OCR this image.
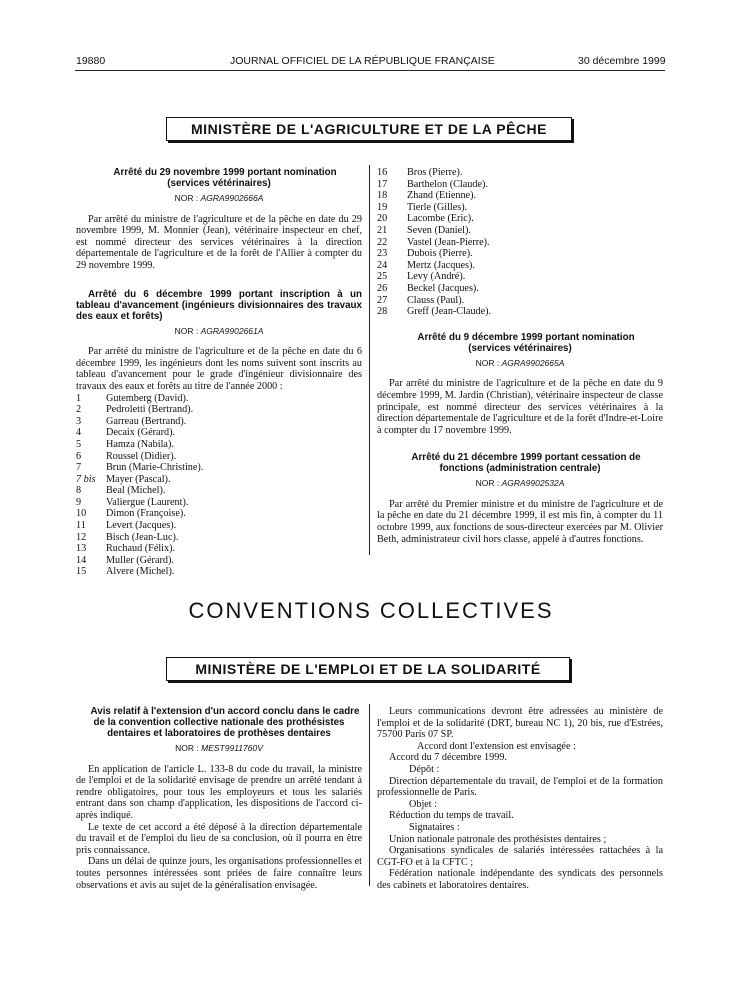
19880	JOURNAL OFFICIEL DE LA RÉPUBLIQUE FRANÇAISE	30 décembre 1999
MINISTÈRE DE L'AGRICULTURE ET DE LA PÊCHE

Arrêté du 29 novembre 1999 portant nomination (services vétérinaires)

NOR : AGRA9902666A

Par arrêté du ministre de l'agriculture et de la pêche en date du 29 novembre 1999, M. Monnier (Jean), vétérinaire inspecteur en chef, est nommé directeur des services vétérinaires à la direction départementale de l'agriculture et de la forêt de l'Allier à compter du 29 novembre 1999.

Arrêté du 6 décembre 1999 portant inscription à un tableau d'avancement (ingénieurs divisionnaires des travaux des eaux et forêts)

NOR : AGRA9902661A

Par arrêté du ministre de l'agriculture et de la pêche en date du 6 décembre 1999, les ingénieurs dont les noms suivent sont inscrits au tableau d'avancement pour le grade d'ingénieur divisionnaire des travaux des eaux et forêts au titre de l'année 2000 :

1	Gutemberg (David).
2	Pedroletti (Bertrand).
3	Garreau (Bertrand).
4	Decaix (Gérard).
5	Hamza (Nabila).
6	Roussel (Didier).
7	Brun (Marie-Christine).
7 bis	Mayer (Pascal).
8	Beal (Michel).
9	Valiergue (Laurent).
10	Dimon (Françoise).
11	Levert (Jacques).
12	Bisch (Jean-Luc).
13	Ruchaud (Félix).
14	Muller (Gérard).
15	Alvere (Michel).
16	Bros (Pierre).
17	Barthelon (Claude).
18	Zhand (Etienne).
19	Tierle (Gilles).
20	Lacombe (Eric).
21	Seven (Daniel).
22	Vastel (Jean-Pierre).
23	Dubois (Pierre).
24	Mertz (Jacques).
25	Levy (André).
26	Beckel (Jacques).
27	Clauss (Paul).
28	Greff (Jean-Claude).

Arrêté du 9 décembre 1999 portant nomination (services vétérinaires)

NOR : AGRA9902665A

Par arrêté du ministre de l'agriculture et de la pêche en date du 9 décembre 1999, M. Jardin (Christian), vétérinaire inspecteur de classe principale, est nommé directeur des services vétérinaires à la direction départementale de l'agriculture et de la forêt d'Indre-et-Loire à compter du 17 novembre 1999.

Arrêté du 21 décembre 1999 portant cessation de fonctions (administration centrale)

NOR : AGRA9902532A

Par arrêté du Premier ministre et du ministre de l'agriculture et de la pêche en date du 21 décembre 1999, il est mis fin, à compter du 11 octobre 1999, aux fonctions de sous-directeur exercées par M. Olivier Beth, administrateur civil hors classe, appelé à d'autres fonctions.

CONVENTIONS COLLECTIVES
MINISTÈRE DE L'EMPLOI ET DE LA SOLIDARITÉ

Avis relatif à l'extension d'un accord conclu dans le cadre de la convention collective nationale des prothésistes dentaires et laboratoires de prothèses dentaires

NOR : MEST9911760V

En application de l'article L. 133-8 du code du travail, la ministre de l'emploi et de la solidarité envisage de prendre un arrêté tendant à rendre obligatoires, pour tous les employeurs et tous les salariés entrant dans son champ d'application, les dispositions de l'accord ci-après indiqué.

Le texte de cet accord a été déposé à la direction départementale du travail et de l'emploi du lieu de sa conclusion, où il pourra en être pris connaissance.

Dans un délai de quinze jours, les organisations professionnelles et toutes personnes intéressées sont priées de faire connaître leurs observations et avis au sujet de la généralisation envisagée.

Leurs communications devront être adressées au ministère de l'emploi et de la solidarité (DRT, bureau NC 1), 20 bis, rue d'Estrées, 75700 Paris 07 SP.

Accord dont l'extension est envisagée :

Accord du 7 décembre 1999.

Dépôt :

Direction départementale du travail, de l'emploi et de la formation professionnelle de Paris.

Objet :

Réduction du temps de travail.

Signataires :

Union nationale patronale des prothésistes dentaires ;

Organisations syndicales de salariés intéressées rattachées à la CGT-FO et à la CFTC ;

Fédération nationale indépendante des syndicats des personnels des cabinets et laboratoires dentaires.
